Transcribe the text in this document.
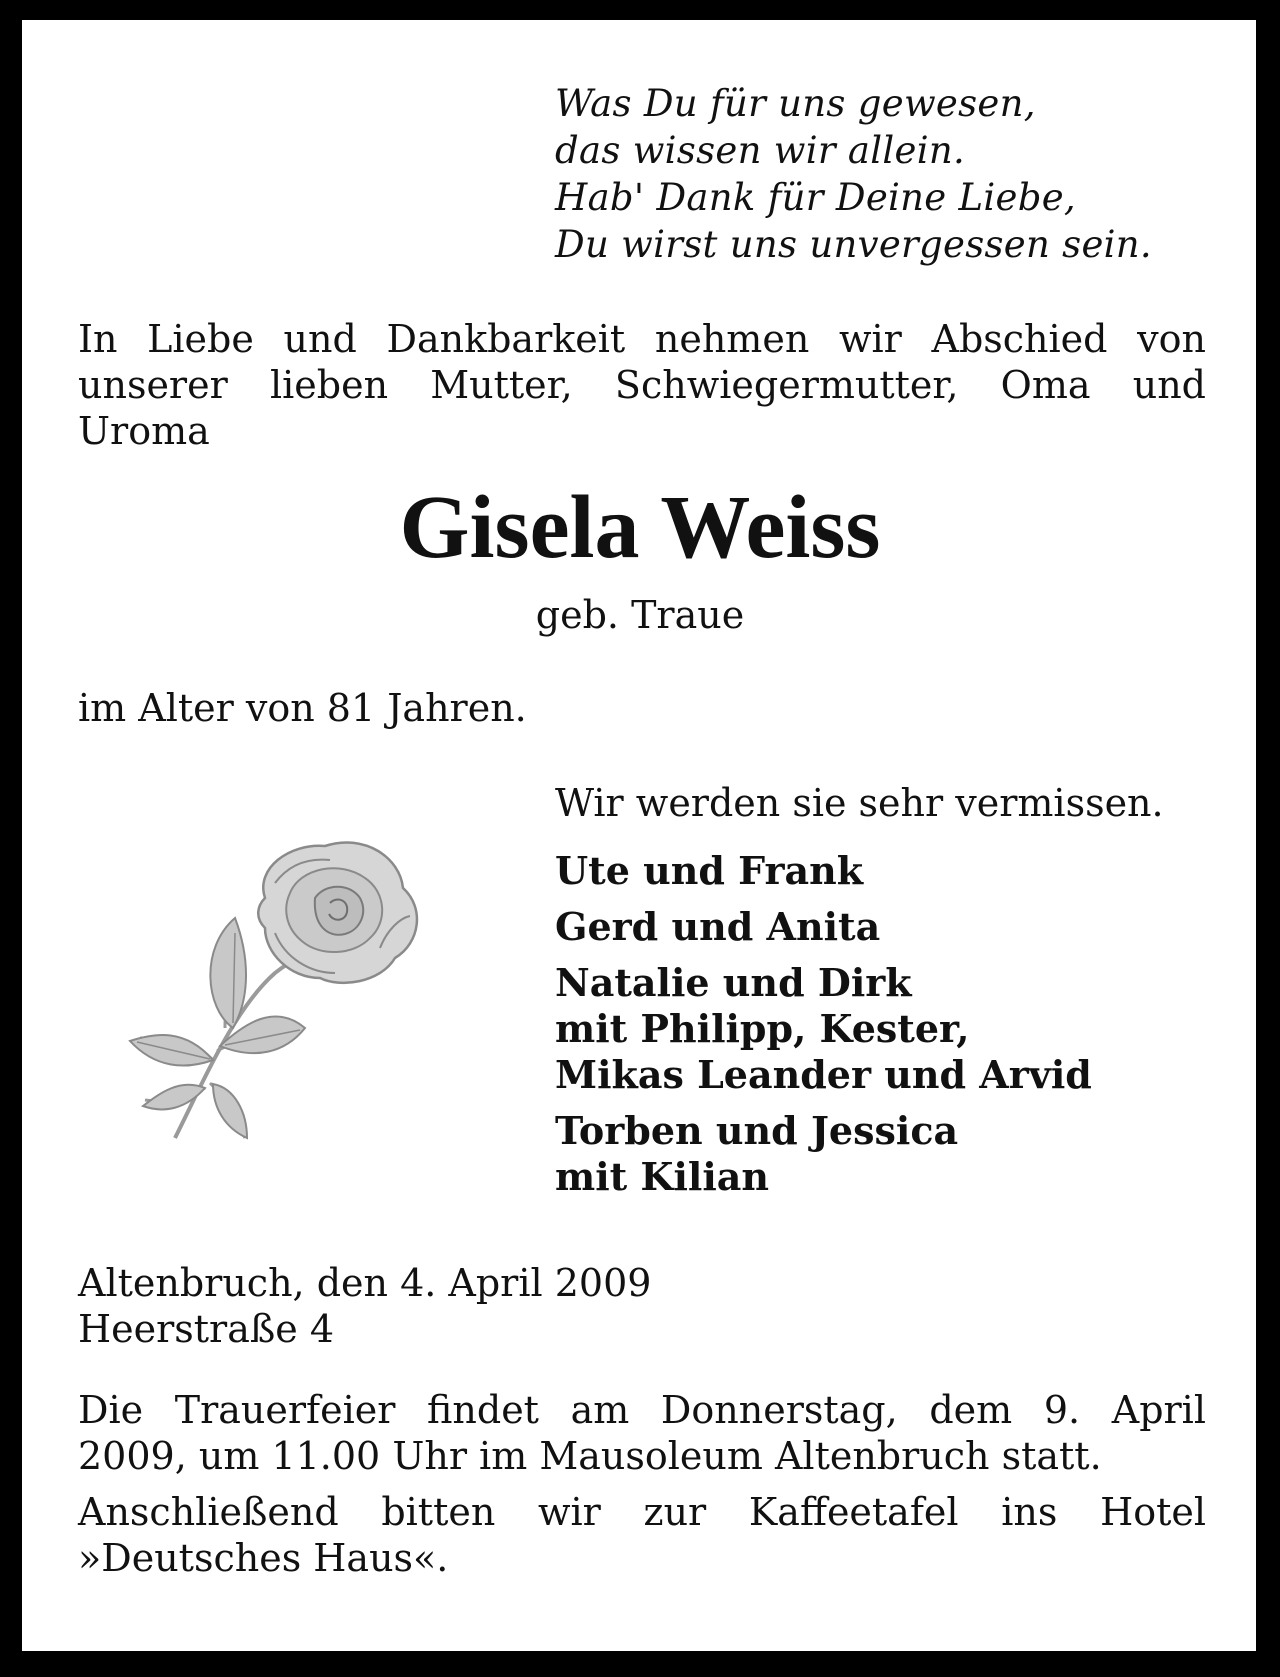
Was Du für uns gewesen,
das wissen wir allein.
Hab' Dank für Deine Liebe,
Du wirst uns unvergessen sein.
In Liebe und Dankbarkeit nehmen wir Abschied von
unserer lieben Mutter, Schwiegermutter, Oma und
Uroma
Gisela Weiss
geb. Traue
im Alter von 81 Jahren.
Wir werden sie sehr vermissen.
Ute und Frank
Gerd und Anita
Natalie und Dirk
mit Philipp, Kester,
Mikas Leander und Arvid
Torben und Jessica
mit Kilian
Altenbruch, den 4. April 2009
Heerstraße 4

Die Trauerfeier findet am Donnerstag, dem 9. April
2009, um 11.00 Uhr im Mausoleum Altenbruch statt.

Anschließend bitten wir zur Kaffeetafel ins Hotel
»Deutsches Haus«.
